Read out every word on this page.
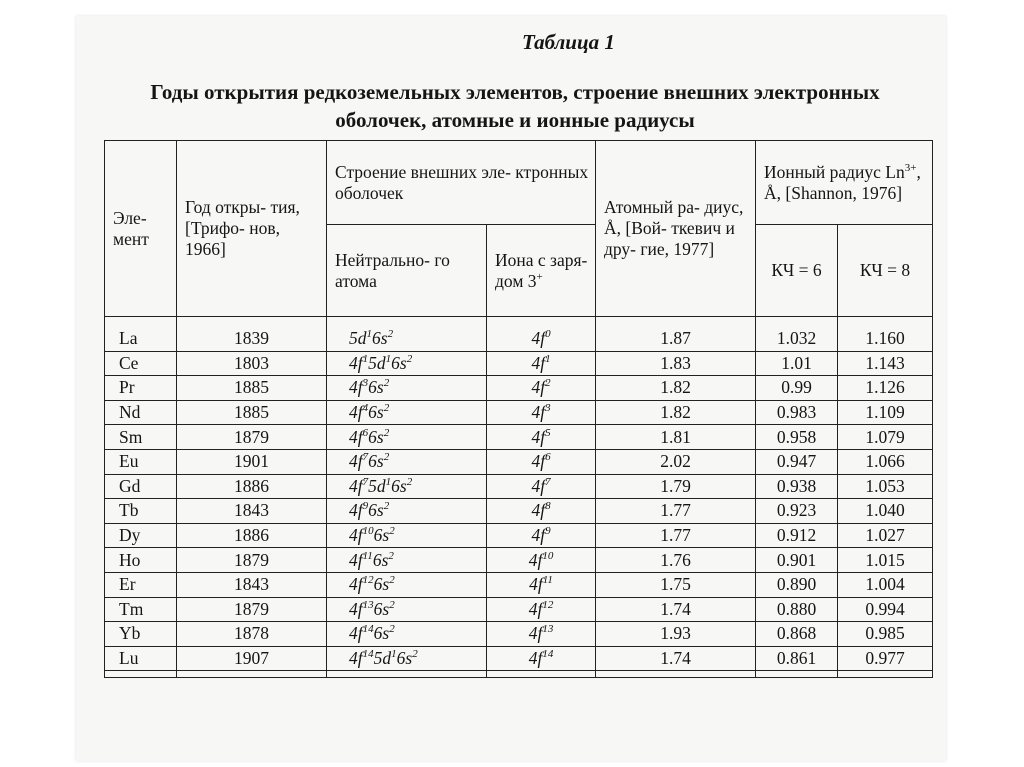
Таблица 1
Годы открытия редкоземельных элементов, строение внешних электронных
оболочек, атомные и ионные радиусы
Эле- мент	Год откры- тия, [Трифо- нов, 1966]	Строение внешних эле- ктронных оболочек		Атомный ра- диус, Å, [Вой- ткевич и дру- гие, 1977]	Ионный радиус $Ln^{3+}$, Å, [Shannon, 1976]	
		Нейтрально- го атома	Иона с заря- дом 3+		КЧ = 6	КЧ = 8
La	1839	$5d^16s^2$	$4f^0$	1.87	1.032	1.160
Ce	1803	$4f^15d^16s^2$	$4f^1$	1.83	1.01	1.143
Pr	1885	$4f^36s^2$	$4f^2$	1.82	0.99	1.126
Nd	1885	$4f^46s^2$	$4f^3$	1.82	0.983	1.109
Sm	1879	$4f^66s^2$	$4f^5$	1.81	0.958	1.079
Eu	1901	$4f^76s^2$	$4f^6$	2.02	0.947	1.066
Gd	1886	$4f^75d^16s^2$	$4f^7$	1.79	0.938	1.053
Tb	1843	$4f^96s^2$	$4f^8$	1.77	0.923	1.040
Dy	1886	$4f^{10}6s^2$	$4f^9$	1.77	0.912	1.027
Ho	1879	$4f^{11}6s^2$	$4f^{10}$	1.76	0.901	1.015
Er	1843	$4f^{12}6s^2$	$4f^{11}$	1.75	0.890	1.004
Tm	1879	$4f^{13}6s^2$	$4f^{12}$	1.74	0.880	0.994
Yb	1878	$4f^{14}6s^2$	$4f^{13}$	1.93	0.868	0.985
Lu	1907	$4f^{14}5d^16s^2$	$4f^{14}$	1.74	0.861	0.977
